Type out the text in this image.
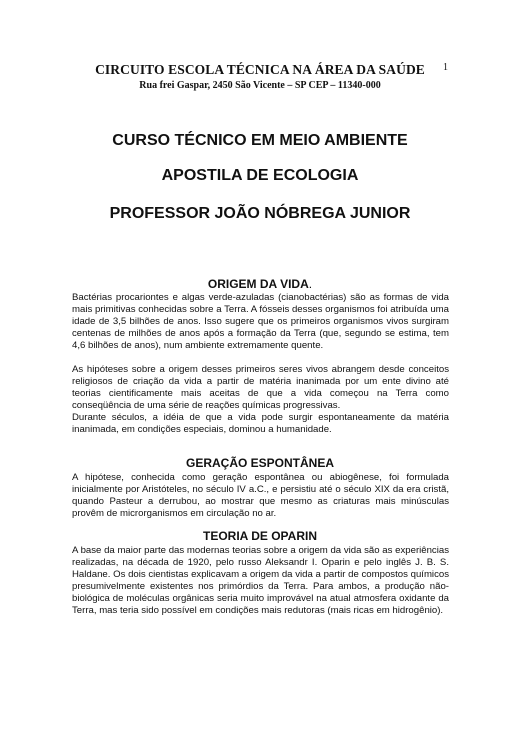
CIRCUITO ESCOLA TÉCNICA NA ÁREA DA SAÚDE
Rua frei Gaspar, 2450 São Vicente – SP CEP – 11340-000
1
CURSO TÉCNICO EM MEIO AMBIENTE
APOSTILA DE ECOLOGIA
PROFESSOR JOÃO NÓBREGA JUNIOR
ORIGEM DA VIDA.
Bactérias procariontes e algas verde-azuladas (cianobactérias) são as formas de vida mais primitivas conhecidas sobre a Terra. A fósseis desses organismos foi atribuída uma idade de 3,5 bilhões de anos. Isso sugere que os primeiros organismos vivos surgiram centenas de milhões de anos após a formação da Terra (que, segundo se estima, tem 4,6 bilhões de anos), num ambiente extremamente quente.
As hipóteses sobre a origem desses primeiros seres vivos abrangem desde conceitos religiosos de criação da vida a partir de matéria inanimada por um ente divino até teorias cientificamente mais aceitas de que a vida começou na Terra como conseqüência de uma série de reações químicas progressivas.
Durante séculos, a idéia de que a vida pode surgir espontaneamente da matéria inanimada, em condições especiais, dominou a humanidade.
GERAÇÃO ESPONTÂNEA
A hipótese, conhecida como geração espontânea ou abiogênese, foi formulada inicialmente por Aristóteles, no século IV a.C., e persistiu até o século XIX da era cristã, quando Pasteur a derrubou, ao mostrar que mesmo as criaturas mais minúsculas provêm de microrganismos em circulação no ar.
TEORIA DE OPARIN
A base da maior parte das modernas teorias sobre a origem da vida são as experiências realizadas, na década de 1920, pelo russo Aleksandr I. Oparin e pelo inglês J. B. S. Haldane. Os dois cientistas explicavam a origem da vida a partir de compostos químicos presumivelmente existentes nos primórdios da Terra. Para ambos, a produção não-biológica de moléculas orgânicas seria muito improvável na atual atmosfera oxidante da Terra, mas teria sido possível em condições mais redutoras (mais ricas em hidrogênio).
